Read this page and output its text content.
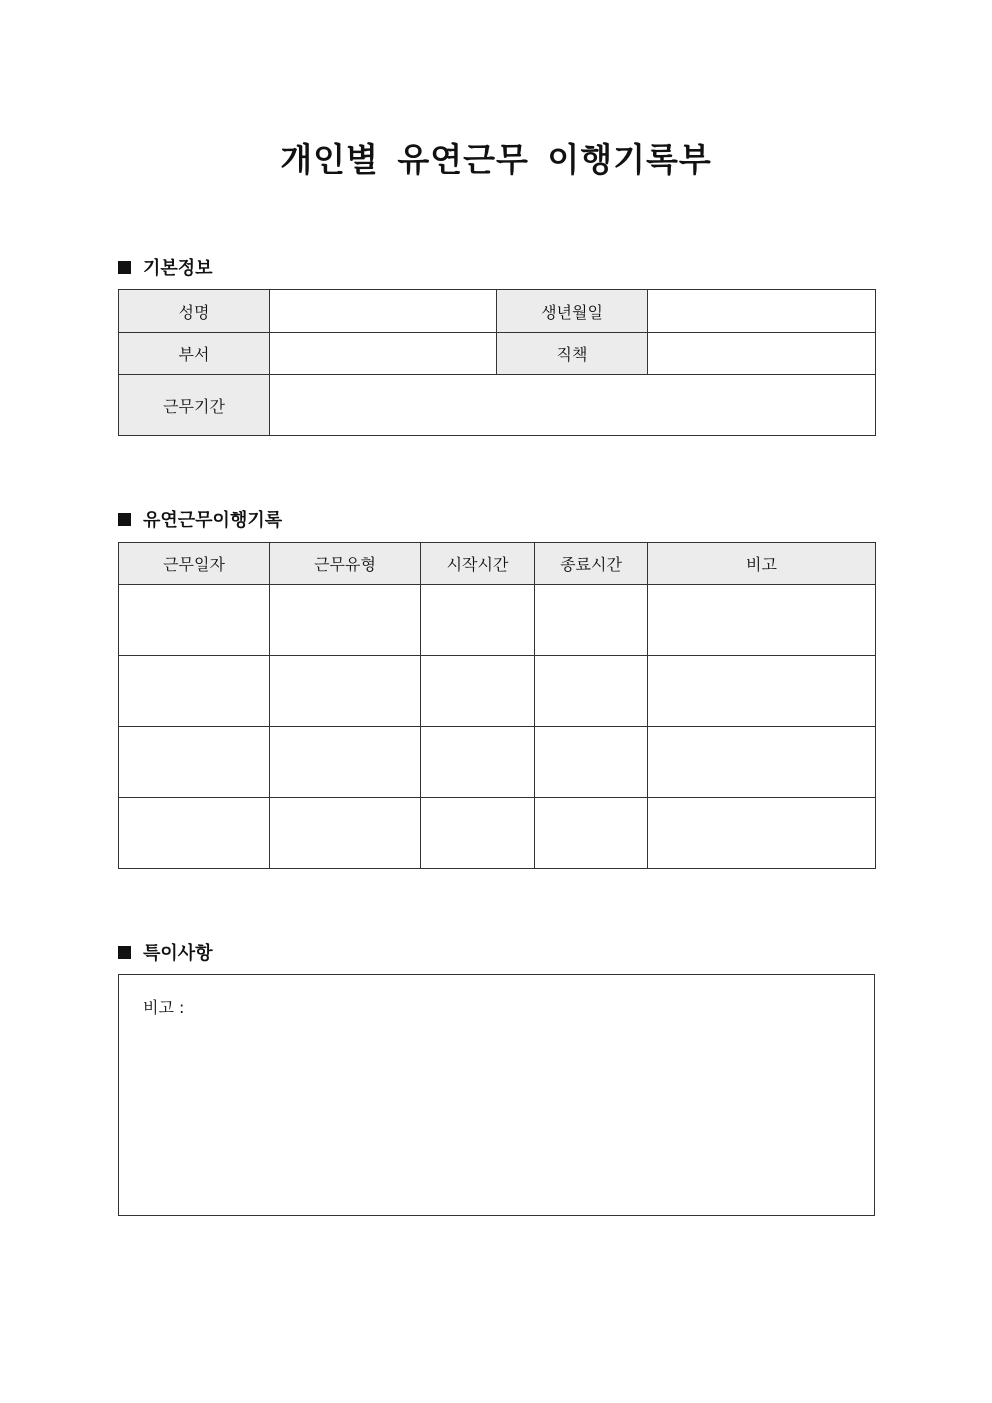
개인별 유연근무 이행기록부
기본정보
성명		생년월일	
부서		직책	
근무기간			
유연근무이행기록
근무일자	근무유형	시작시간	종료시간	비고

특이사항
비고 :
